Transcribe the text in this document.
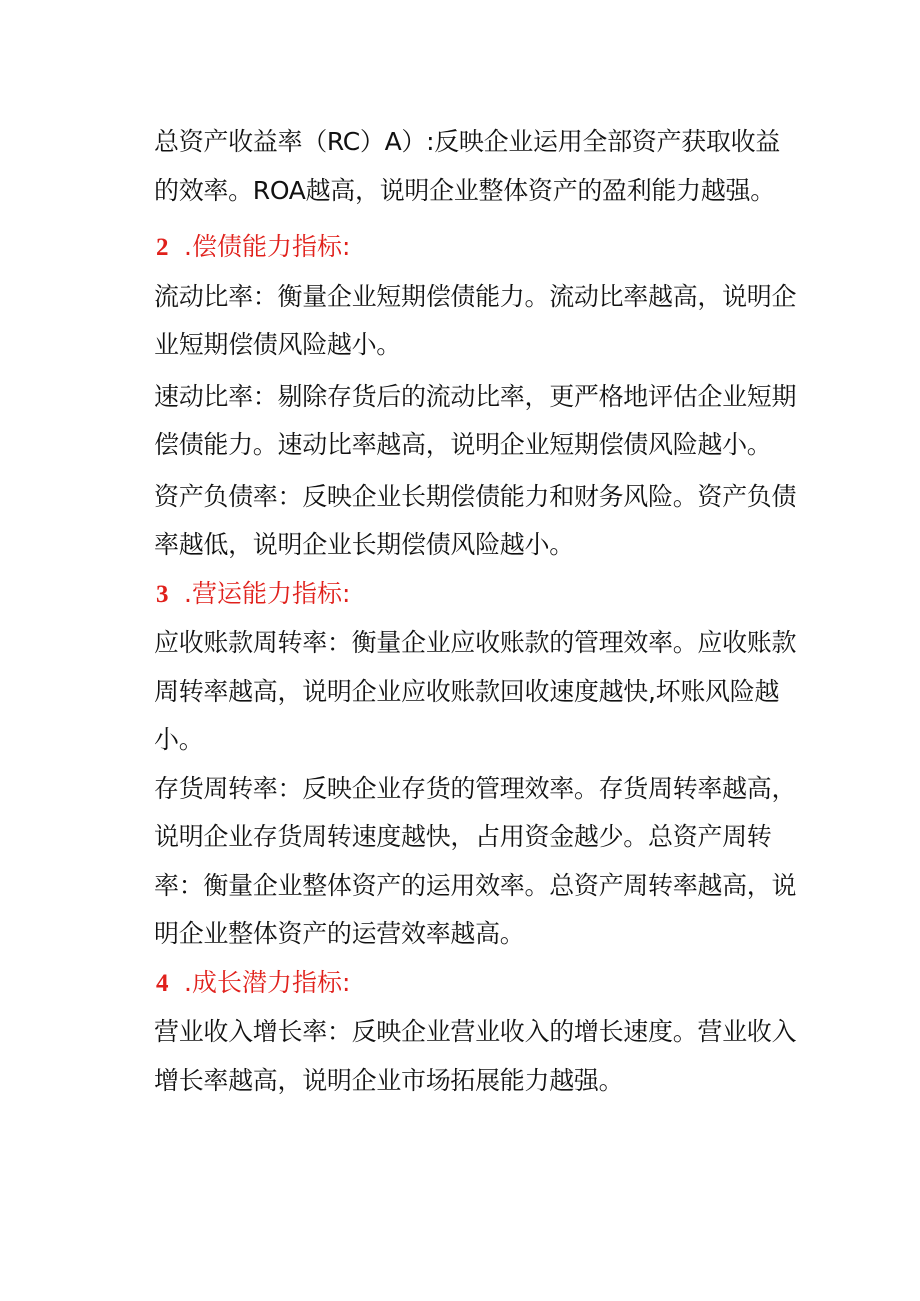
总资产收益率（RC）A）:反映企业运用全部资产获取收益的效率。ROA越高，说明企业整体资产的盈利能力越强。

2 .偿债能力指标:

流动比率：衡量企业短期偿债能力。流动比率越高，说明企业短期偿债风险越小。

速动比率：剔除存货后的流动比率，更严格地评估企业短期偿债能力。速动比率越高，说明企业短期偿债风险越小。

资产负债率：反映企业长期偿债能力和财务风险。资产负债率越低，说明企业长期偿债风险越小。

3 .营运能力指标:

应收账款周转率：衡量企业应收账款的管理效率。应收账款周转率越高，说明企业应收账款回收速度越快,坏账风险越小。

存货周转率：反映企业存货的管理效率。存货周转率越高，说明企业存货周转速度越快，占用资金越少。总资产周转率：衡量企业整体资产的运用效率。总资产周转率越高，说明企业整体资产的运营效率越高。

4 .成长潜力指标:

营业收入增长率：反映企业营业收入的增长速度。营业收入增长率越高，说明企业市场拓展能力越强。
